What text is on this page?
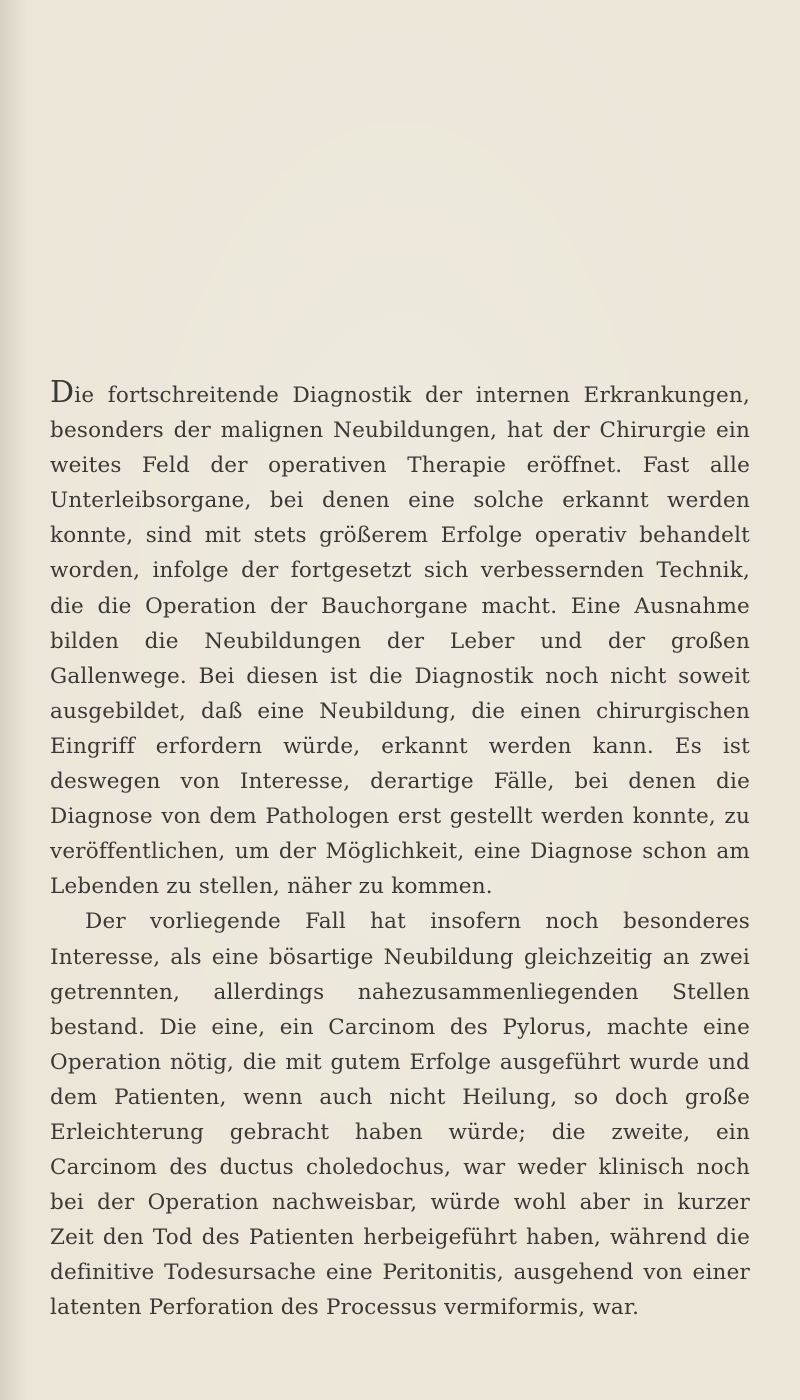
Die fortschreitende Diagnostik der internen Erkrankungen, besonders der malignen Neubildungen, hat der Chirurgie ein weites Feld der operativen Therapie eröffnet. Fast alle Unterleibsorgane, bei denen eine solche erkannt werden konnte, sind mit stets größerem Erfolge operativ behandelt worden, infolge der fortgesetzt sich verbessernden Technik, die die Operation der Bauchorgane macht. Eine Ausnahme bilden die Neubildungen der Leber und der großen Gallenwege. Bei diesen ist die Diagnostik noch nicht soweit ausgebildet, daß eine Neubildung, die einen chirurgischen Eingriff erfordern würde, erkannt werden kann. Es ist deswegen von Interesse, derartige Fälle, bei denen die Diagnose von dem Pathologen erst gestellt werden konnte, zu veröffentlichen, um der Möglichkeit, eine Diagnose schon am Lebenden zu stellen, näher zu kommen.

Der vorliegende Fall hat insofern noch besonderes Interesse, als eine bösartige Neubildung gleichzeitig an zwei getrennten, allerdings nahezusammenliegenden Stellen bestand. Die eine, ein Carcinom des Pylorus, machte eine Operation nötig, die mit gutem Erfolge ausgeführt wurde und dem Patienten, wenn auch nicht Heilung, so doch große Erleichterung gebracht haben würde; die zweite, ein Carcinom des ductus choledochus, war weder klinisch noch bei der Operation nachweisbar, würde wohl aber in kurzer Zeit den Tod des Patienten herbeigeführt haben, während die definitive Todesursache eine Peritonitis, ausgehend von einer latenten Perforation des Processus vermiformis, war.
